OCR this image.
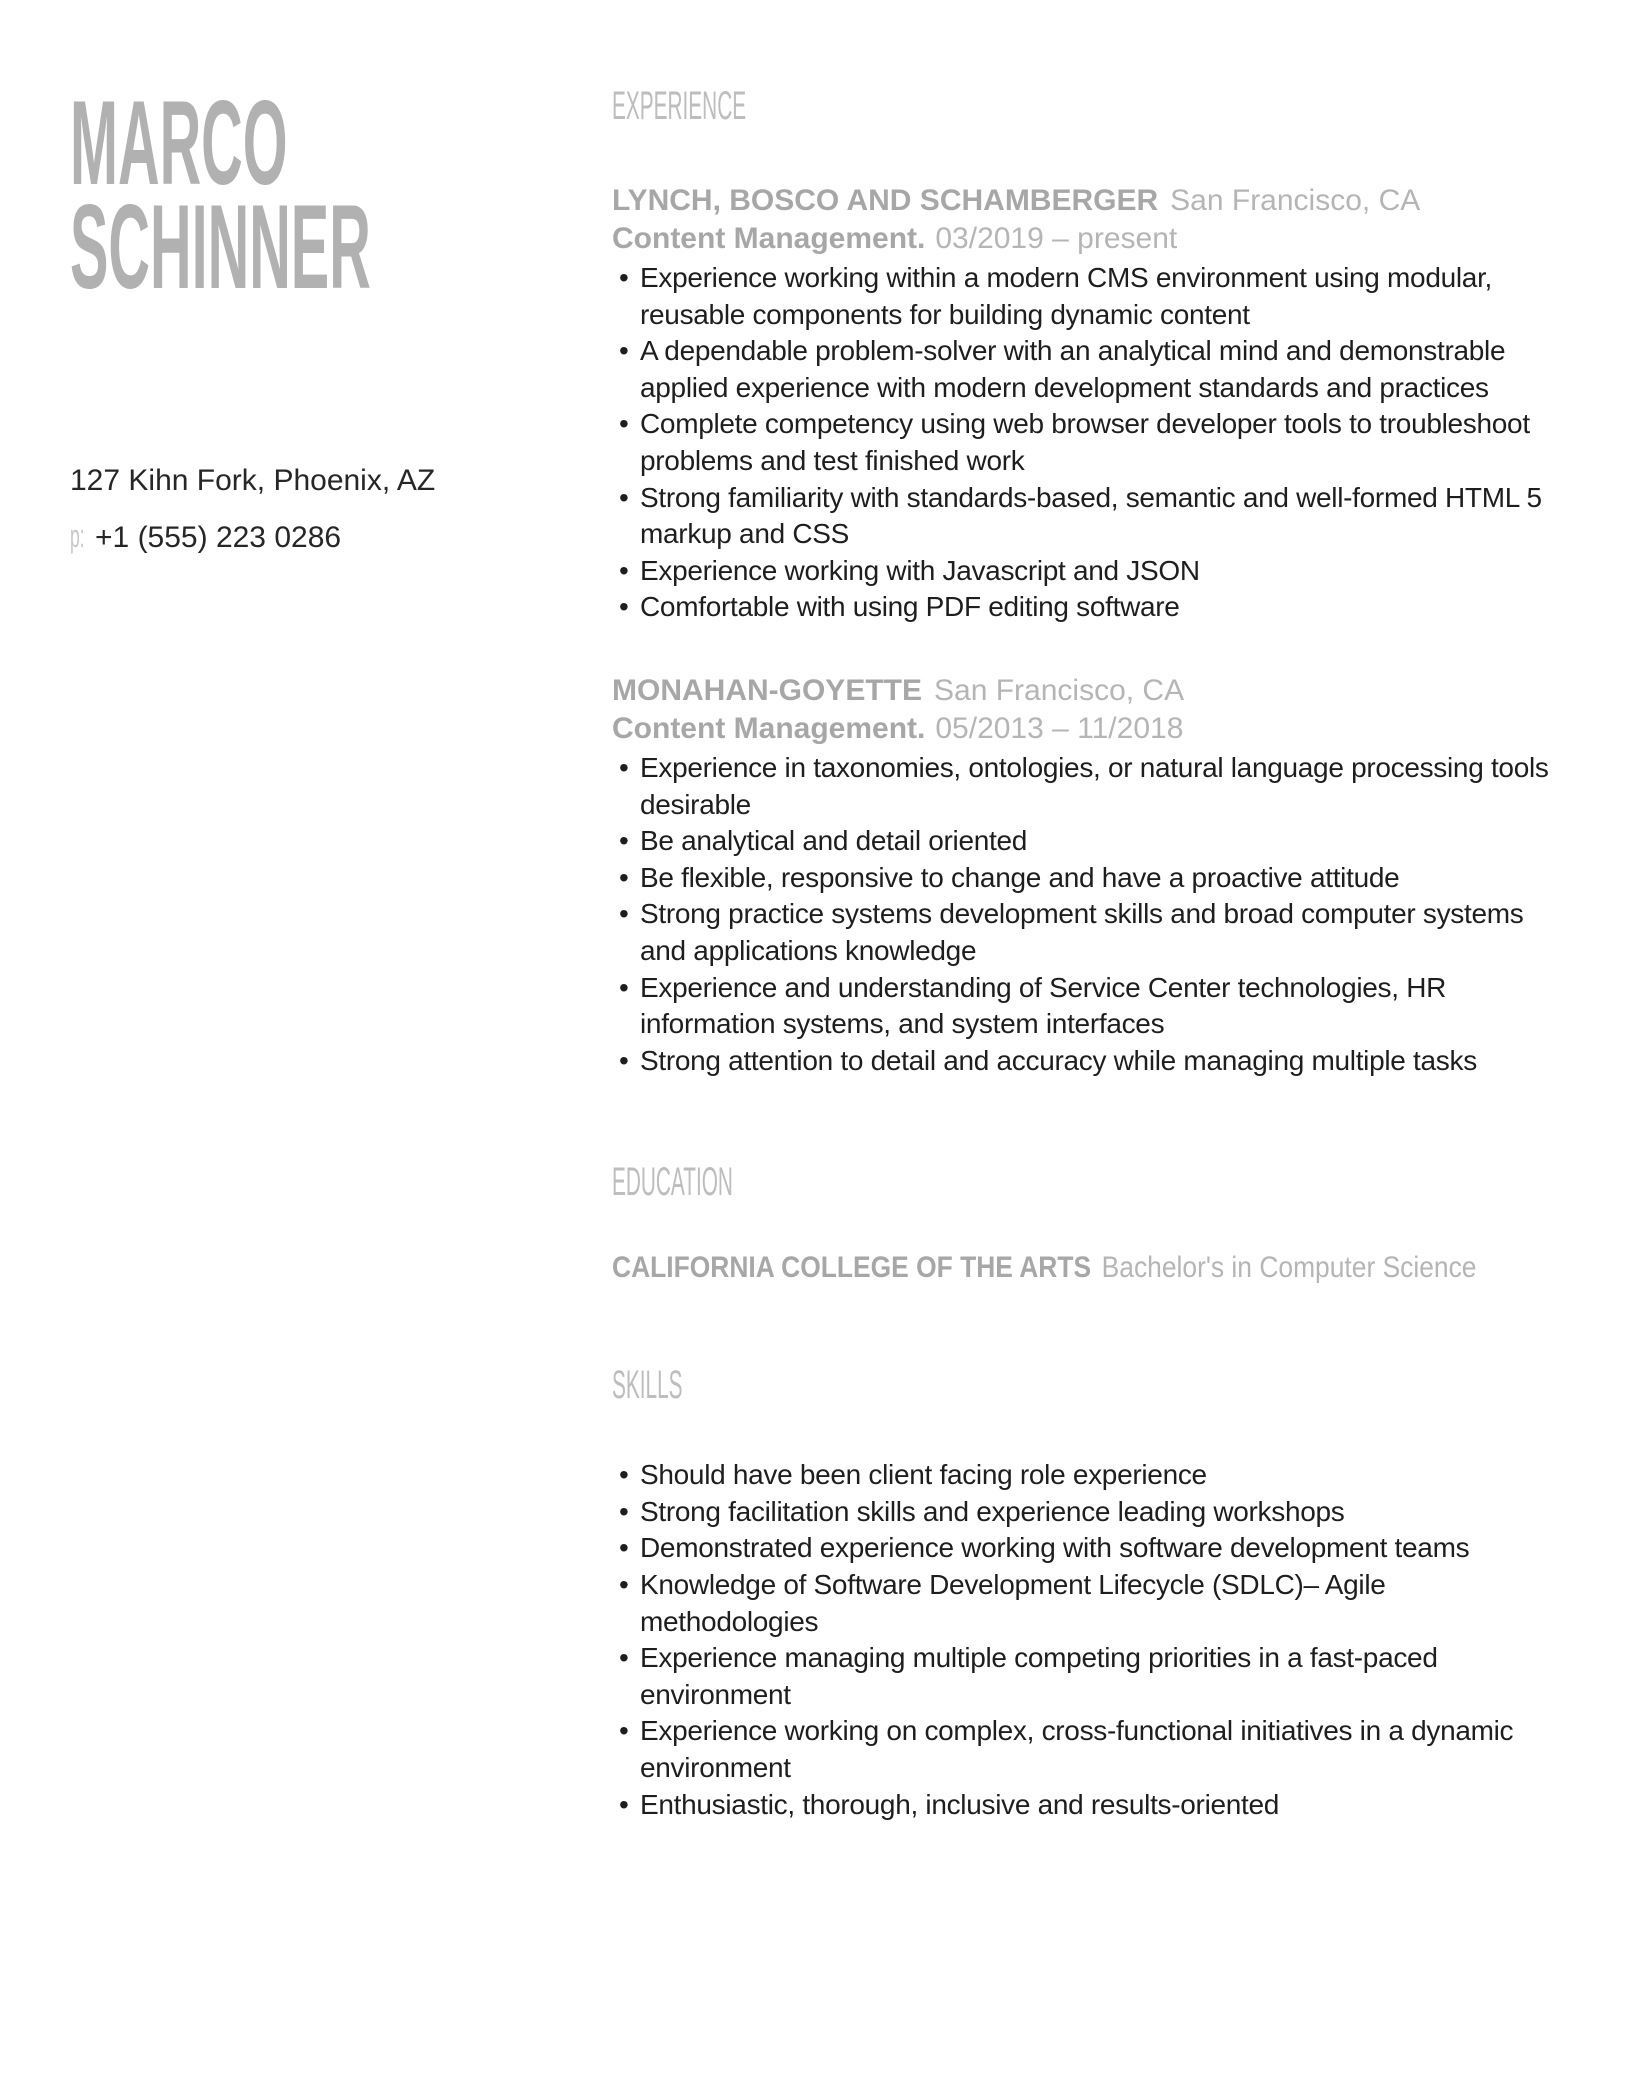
MARCO
SCHINNER
127 Kihn Fork, Phoenix, AZ
p: +1 (555) 223 0286
EXPERIENCE
LYNCH, BOSCO AND SCHAMBERGER San Francisco, CA
Content Management. 03/2019 – present
• Experience working within a modern CMS environment using modular, reusable components for building dynamic content
• A dependable problem-solver with an analytical mind and demonstrable applied experience with modern development standards and practices
• Complete competency using web browser developer tools to troubleshoot problems and test finished work
• Strong familiarity with standards-based, semantic and well-formed HTML 5 markup and CSS
• Experience working with Javascript and JSON
• Comfortable with using PDF editing software
MONAHAN-GOYETTE San Francisco, CA
Content Management. 05/2013 – 11/2018
• Experience in taxonomies, ontologies, or natural language processing tools desirable
• Be analytical and detail oriented
• Be flexible, responsive to change and have a proactive attitude
• Strong practice systems development skills and broad computer systems and applications knowledge
• Experience and understanding of Service Center technologies, HR information systems, and system interfaces
• Strong attention to detail and accuracy while managing multiple tasks
EDUCATION
CALIFORNIA COLLEGE OF THE ARTS Bachelor's in Computer Science
SKILLS
• Should have been client facing role experience
• Strong facilitation skills and experience leading workshops
• Demonstrated experience working with software development teams
• Knowledge of Software Development Lifecycle (SDLC)– Agile methodologies
• Experience managing multiple competing priorities in a fast-paced environment
• Experience working on complex, cross-functional initiatives in a dynamic environment
• Enthusiastic, thorough, inclusive and results-oriented
